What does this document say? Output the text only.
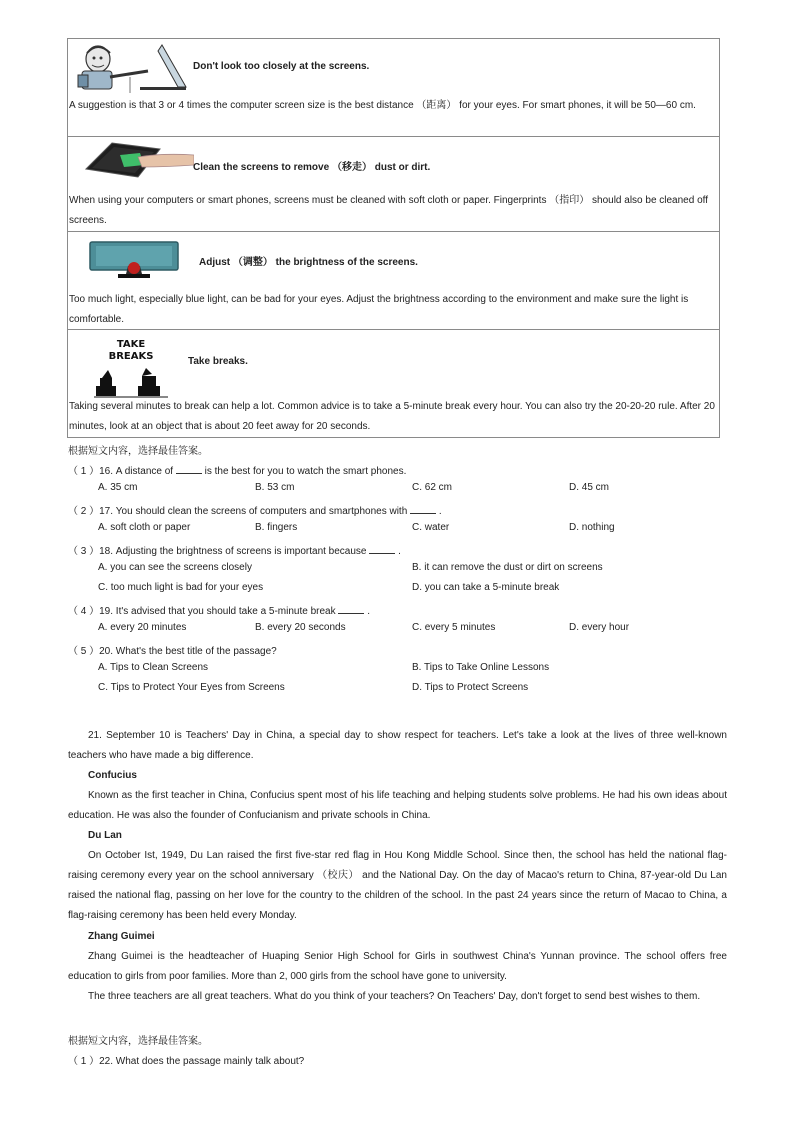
Don't look too closely at the screens.
A suggestion is that 3 or 4 times the computer screen size is the best distance （距离） for your eyes. For smart phones, it will be 50—60 cm.
Clean the screens to remove （移走） dust or dirt.
When using your computers or smart phones, screens must be cleaned with soft cloth or paper. Fingerprints （指印） should also be cleaned off screens.
Adjust （调整） the brightness of the screens.
Too much light, especially blue light, can be bad for your eyes. Adjust the brightness according to the environment and make sure the light is comfortable.
TAKE
BREAKS	Take breaks.
Taking several minutes to break can help a lot. Common advice is to take a 5-minute break every hour. You can also try the 20-20-20 rule. After 20 minutes, look at an object that is about 20 feet away for 20 seconds.
根据短文内容，选择最佳答案。
（ 1 ）16. A distance of	is the best for you to watch the smart phones.
A. 35 cm	B. 53 cm	C. 62 cm	D. 45 cm
（ 2 ）17. You should clean the screens of computers and smartphones with	.
A. soft cloth or paper	B. fingers	C. water	D. nothing
（ 3 ）18. Adjusting the brightness of screens is important because	.
A. you can see the screens closely	B. it can remove the dust or dirt on screens
C. too much light is bad for your eyes	D. you can take a 5-minute break
（ 4 ）19. It's advised that you should take a 5-minute break	.
A. every 20 minutes	B. every 20 seconds	C. every 5 minutes	D. every hour
（ 5 ）20. What's the best title of the passage?
A. Tips to Clean Screens	B. Tips to Take Online Lessons
C. Tips to Protect Your Eyes from Screens	D. Tips to Protect Screens
21. September 10 is Teachers' Day in China, a special day to show respect for teachers. Let's take a look at the lives of three well-known teachers who have made a big difference.
Confucius
Known as the first teacher in China, Confucius spent most of his life teaching and helping students solve problems. He had his own ideas about education. He was also the founder of Confucianism and private schools in China.
Du Lan
On October Ist, 1949, Du Lan raised the first five-star red flag in Hou Kong Middle School. Since then, the school has held the national flag-raising ceremony every year on the school anniversary （校庆） and the National Day. On the day of Macao's return to China, 87-year-old Du Lan raised the national flag, passing on her love for the country to the children of the school. In the past 24 years since the return of Macao to China, a flag-raising ceremony has been held every Monday.
Zhang Guimei
Zhang Guimei is the headteacher of Huaping Senior High School for Girls in southwest China's Yunnan province. The school offers free education to girls from poor families. More than 2, 000 girls from the school have gone to university.
The three teachers are all great teachers. What do you think of your teachers? On Teachers' Day, don't forget to send best wishes to them.
根据短文内容，选择最佳答案。
（ 1 ）22. What does the passage mainly talk about?
